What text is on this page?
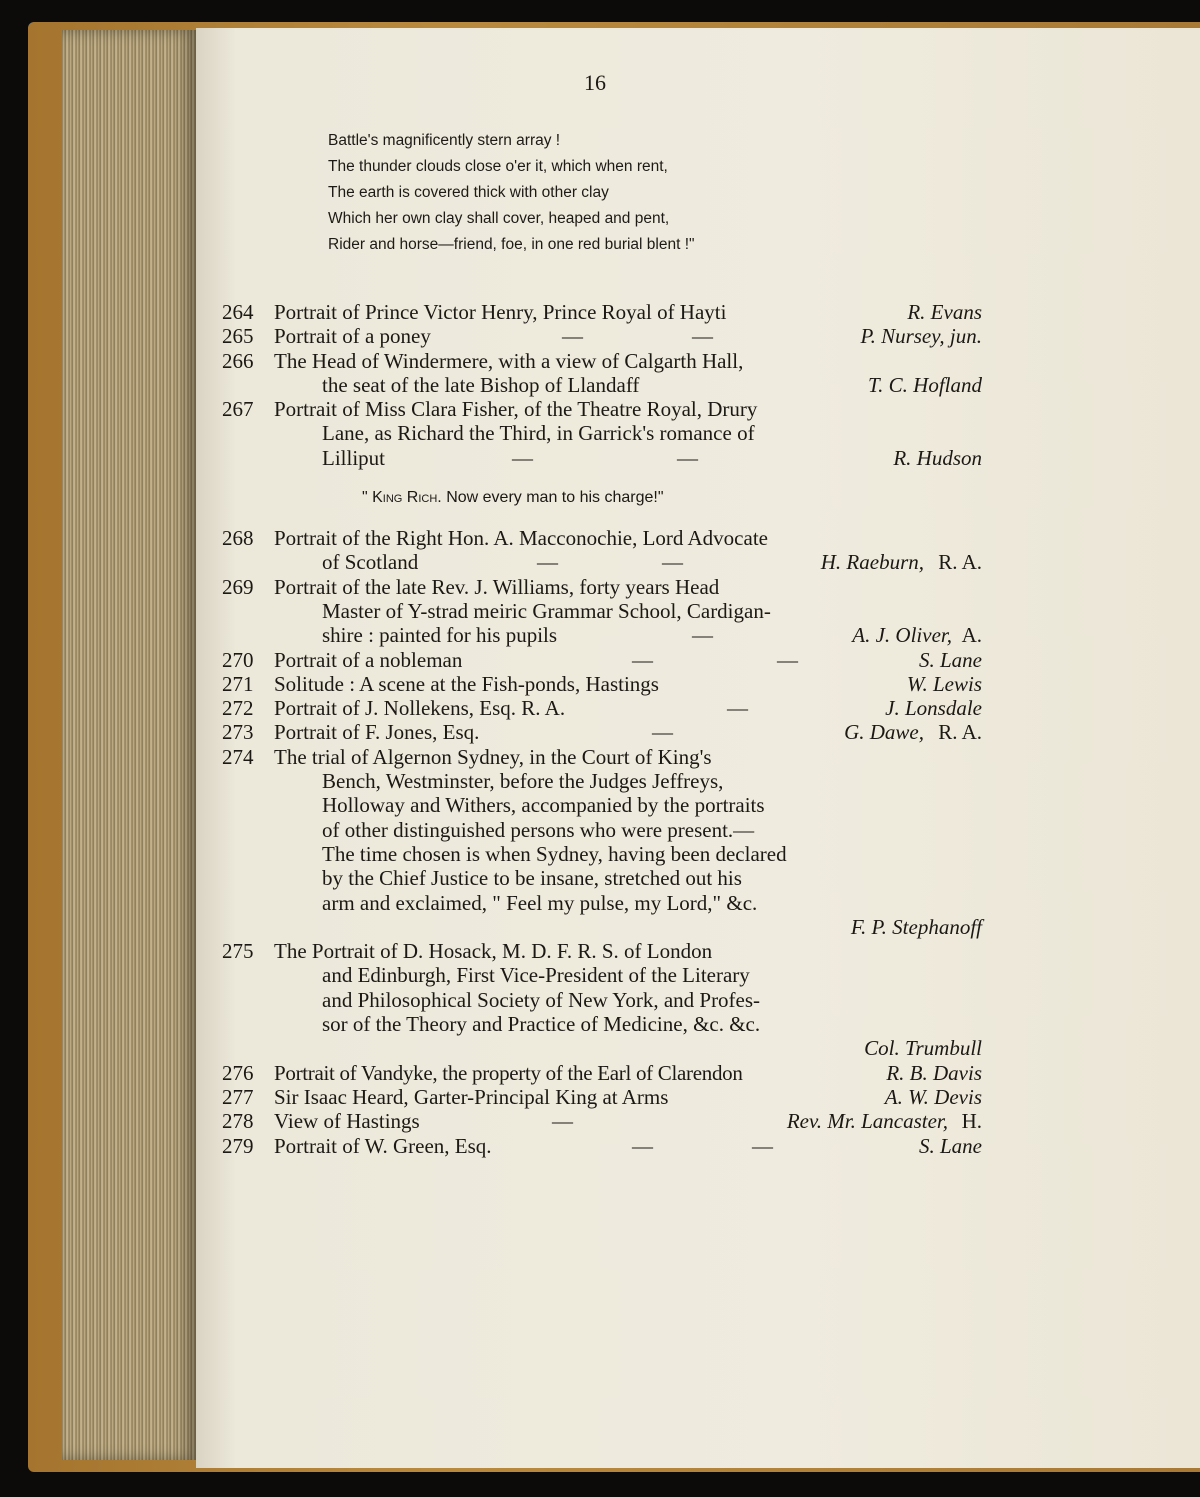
16
Battle's magnificently stern array !
The thunder clouds close o'er it, which when rent,
The earth is covered thick with other clay
Which her own clay shall cover, heaped and pent,
Rider and horse—friend, foe, in one red burial blent !"
264 Portrait of Prince Victor Henry, Prince Royal of Hayti	R. Evans
265 Portrait of a poney	—	—	P. Nursey, jun.
266 The Head of Windermere, with a view of Calgarth Hall,
the seat of the late Bishop of Llandaff	T. C. Hofland
267 Portrait of Miss Clara Fisher, of the Theatre Royal, Drury
Lane, as Richard the Third, in Garrick's romance of
Lilliput	—	—	R. Hudson
" King Rich. Now every man to his charge!"
268 Portrait of the Right Hon. A. Macconochie, Lord Advocate
of Scotland	—	—	H. Raeburn, R. A.
269 Portrait of the late Rev. J. Williams, forty years Head
Master of Y-strad meiric Grammar School, Cardigan-
shire : painted for his pupils	—	A. J. Oliver, A.
270 Portrait of a nobleman	—	—	S. Lane
271 Solitude : A scene at the Fish-ponds, Hastings	W. Lewis
272 Portrait of J. Nollekens, Esq. R. A.	—	J. Lonsdale
273 Portrait of F. Jones, Esq.	—	G. Dawe, R. A.
274 The trial of Algernon Sydney, in the Court of King's
Bench, Westminster, before the Judges Jeffreys,
Holloway and Withers, accompanied by the portraits
of other distinguished persons who were present.—
The time chosen is when Sydney, having been declared
by the Chief Justice to be insane, stretched out his
arm and exclaimed, " Feel my pulse, my Lord," &c.
F. P. Stephanoff
275 The Portrait of D. Hosack, M. D. F. R. S. of London
and Edinburgh, First Vice-President of the Literary
and Philosophical Society of New York, and Profes-
sor of the Theory and Practice of Medicine, &c. &c.
Col. Trumbull
276 Portrait of Vandyke, the property of the Earl of Clarendon	R. B. Davis
277 Sir Isaac Heard, Garter-Principal King at Arms	A. W. Devis
278 View of Hastings	—	Rev. Mr. Lancaster, H.
279 Portrait of W. Green, Esq.	—	—	S. Lane
